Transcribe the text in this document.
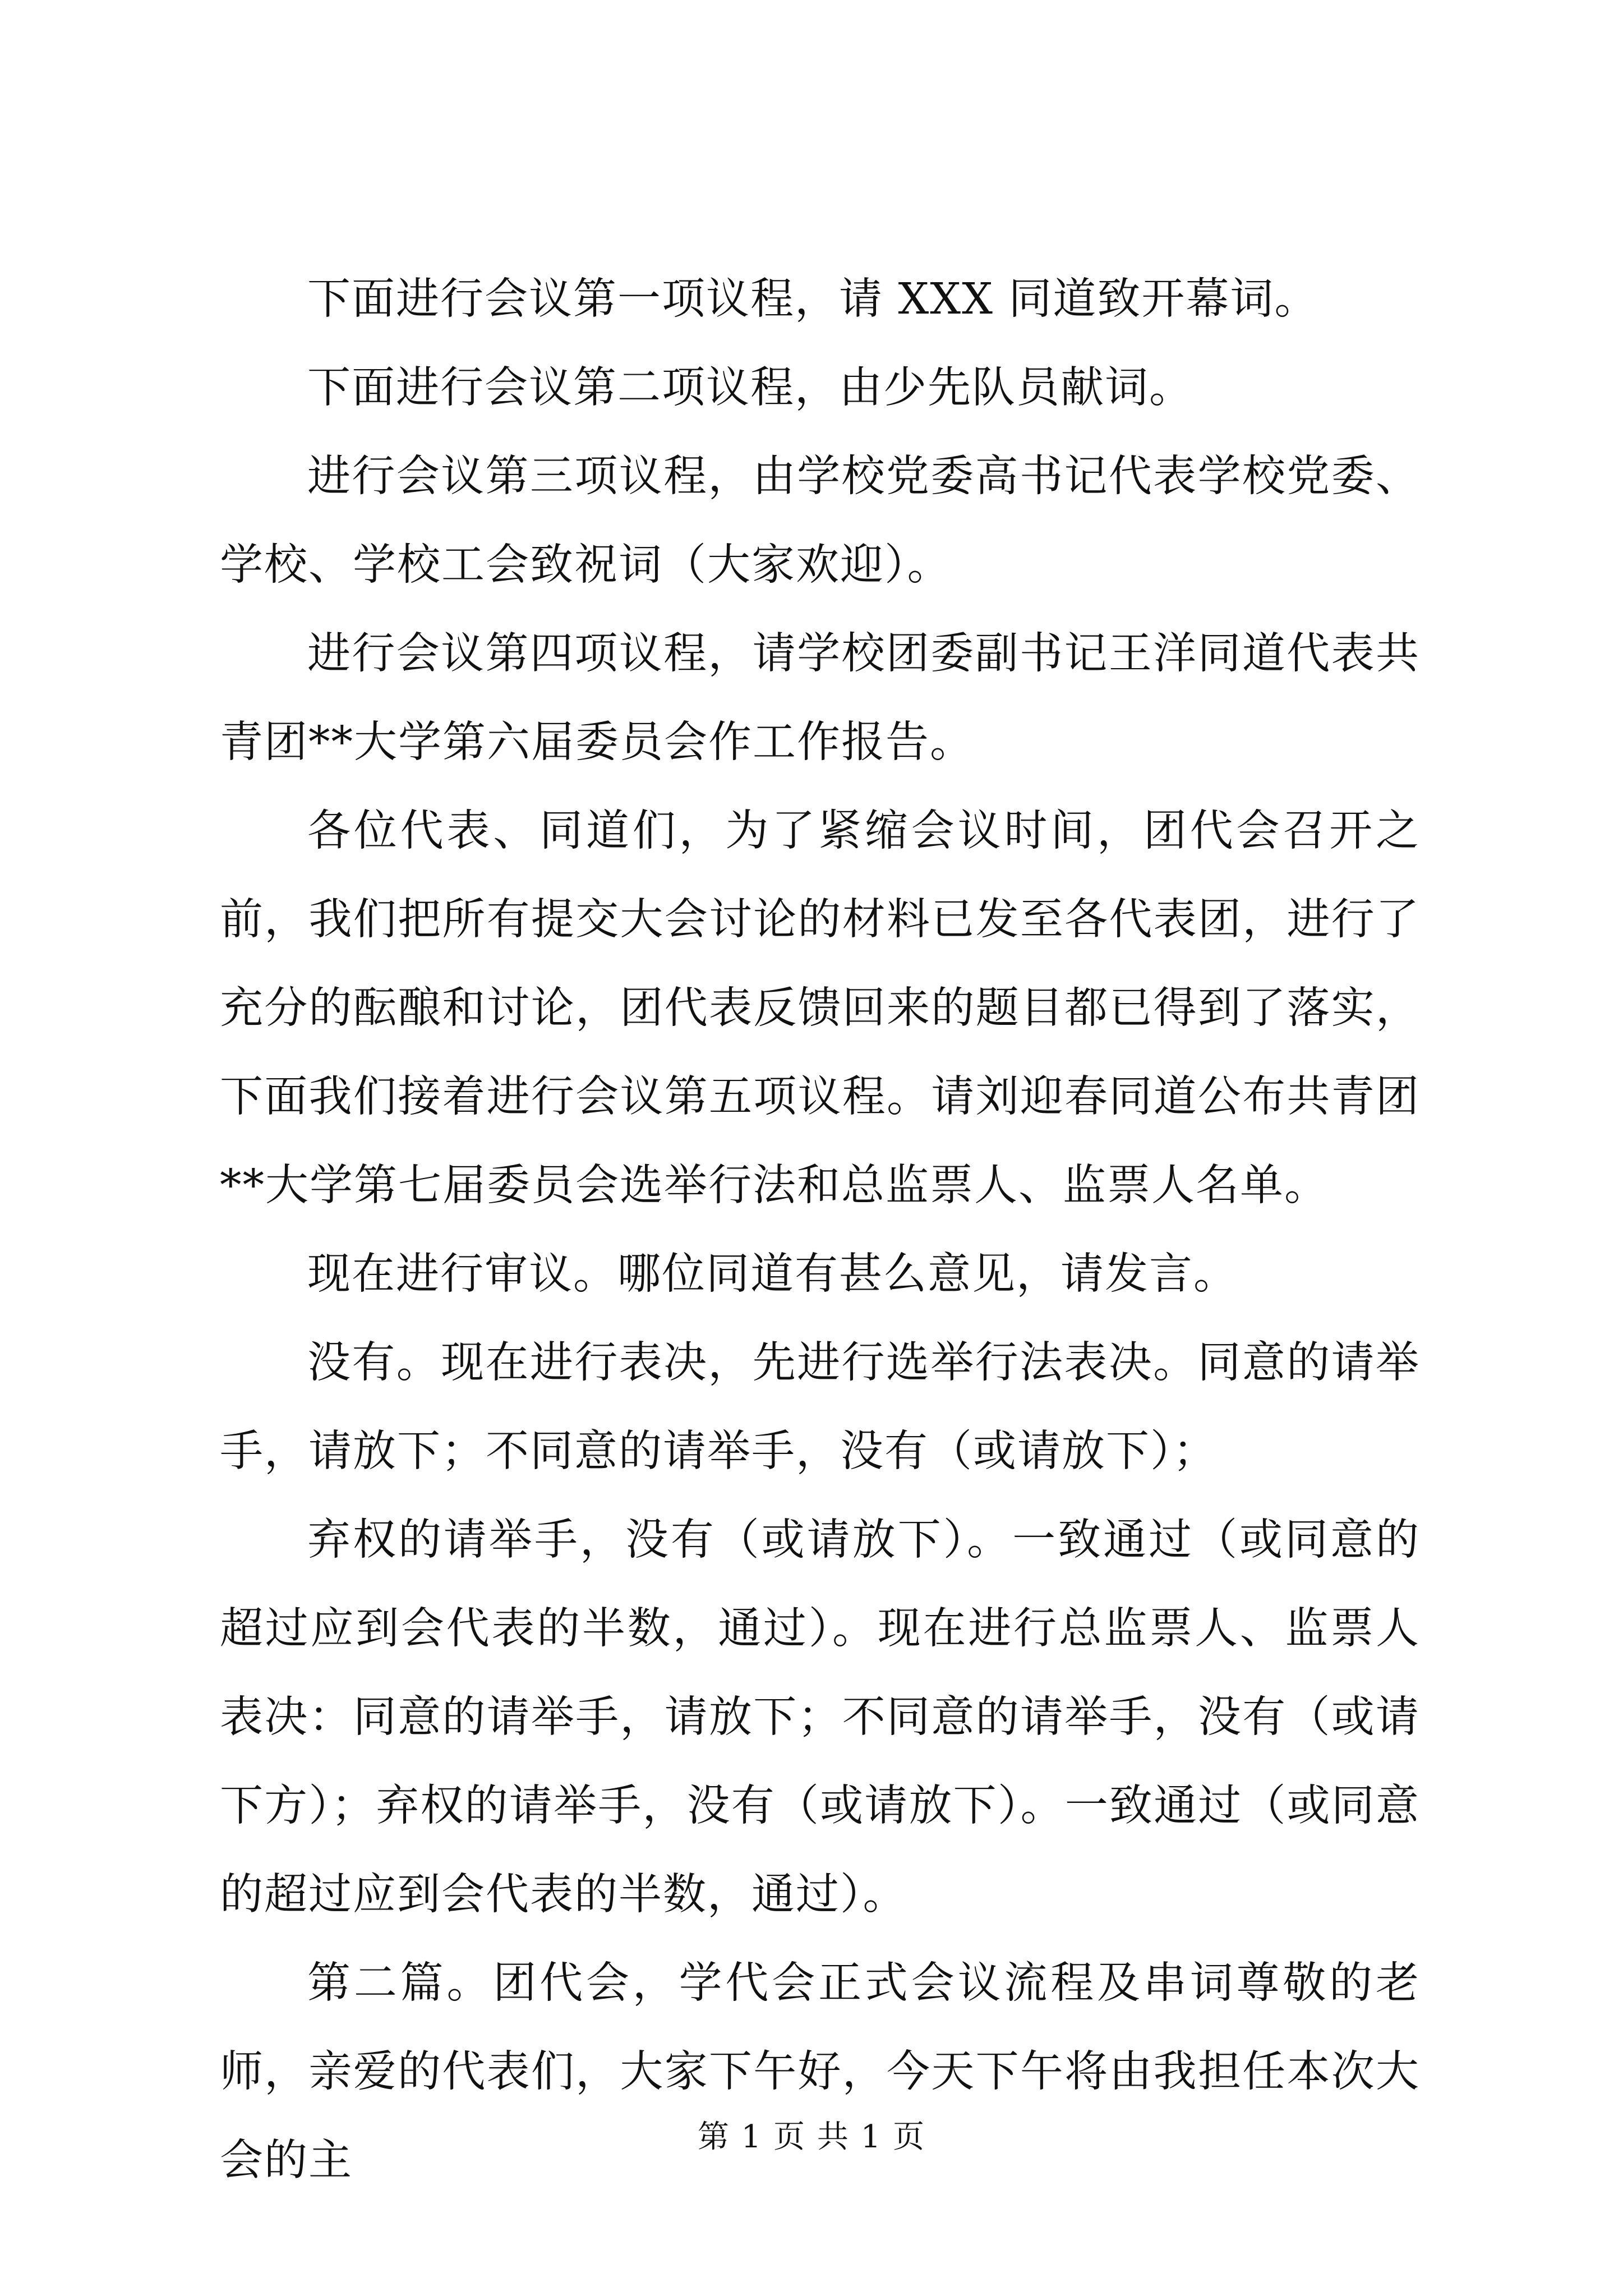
下面进行会议第一项议程，请 XXX 同道致开幕词。

下面进行会议第二项议程，由少先队员献词。

进行会议第三项议程，由学校党委高书记代表学校党委、学校、学校工会致祝词（大家欢迎）。

进行会议第四项议程，请学校团委副书记王洋同道代表共青团**大学第六届委员会作工作报告。

各位代表、同道们，为了紧缩会议时间，团代会召开之前，我们把所有提交大会讨论的材料已发至各代表团，进行了充分的酝酿和讨论，团代表反馈回来的题目都已得到了落实，下面我们接着进行会议第五项议程。请刘迎春同道公布共青团**大学第七届委员会选举行法和总监票人、监票人名单。

现在进行审议。哪位同道有甚么意见，请发言。

没有。现在进行表决，先进行选举行法表决。同意的请举手，请放下；不同意的请举手，没有（或请放下）；

弃权的请举手，没有（或请放下）。一致通过（或同意的超过应到会代表的半数，通过）。现在进行总监票人、监票人表决：同意的请举手，请放下；不同意的请举手，没有（或请下方）；弃权的请举手，没有（或请放下）。一致通过（或同意的超过应到会代表的半数，通过）。

第二篇。团代会，学代会正式会议流程及串词尊敬的老师，亲爱的代表们，大家下午好，今天下午将由我担任本次大会的主	第 1 页 共 1 页
